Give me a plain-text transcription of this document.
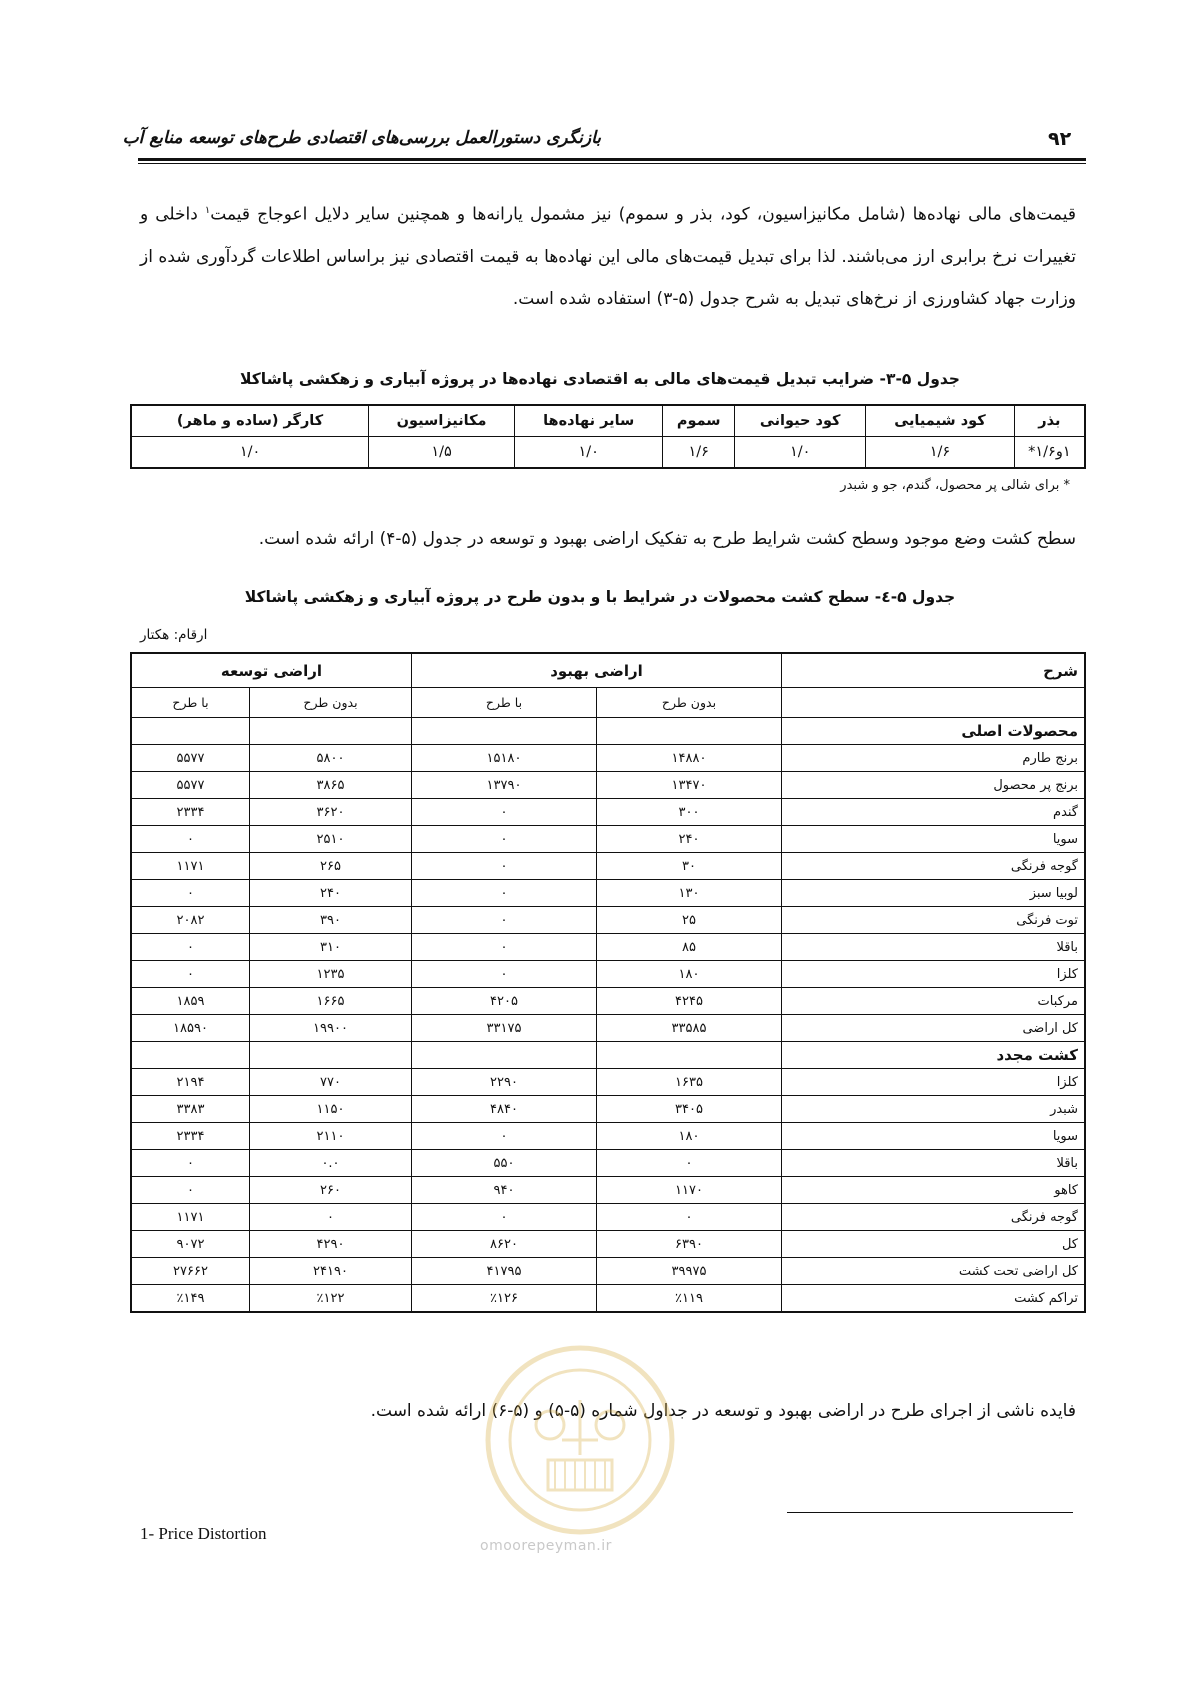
۹۲
بازنگری دستورالعمل بررسی‌های اقتصادی طرح‌های توسعه منابع آب
قیمت‌های مالی نهاده‌ها (شامل مکانیزاسیون، کود، بذر و سموم) نیز مشمول یارانه‌ها و همچنین سایر دلایل اعوجاج قیمت$^۱$ داخلی و تغییرات نرخ برابری ارز می‌باشند. لذا برای تبدیل قیمت‌های مالی این نهاده‌ها به قیمت اقتصادی نیز براساس اطلاعات گردآوری شده از وزارت جهاد کشاورزی از نرخ‌های تبدیل به شرح جدول (۵-۳) استفاده شده است.
جدول ۵-۳- ضرایب تبدیل قیمت‌های مالی به اقتصادی نهاده‌ها در پروژه آبیاری و زهکشی پاشاکلا
بذر	کود شیمیایی	کود حیوانی	سموم	سایر نهاده‌ها	مکانیزاسیون	کارگر (ساده و ماهر)
۱و۱/۶*	۱/۶	۱/۰	۱/۶	۱/۰	۱/۵	۱/۰
* برای شالی پر محصول، گندم، جو و شبدر
سطح کشت وضع موجود وسطح کشت شرایط طرح به تفکیک اراضی بهبود و توسعه در جدول (۵-۴) ارائه شده است.
جدول ۵-٤- سطح کشت محصولات در شرایط با و بدون طرح در پروژه آبیاری و زهکشی پاشاکلا
ارقام: هکتار
شرح	اراضی بهبود		اراضی توسعه	
	بدون طرح	با طرح	بدون طرح	با طرح
محصولات اصلی				
برنج طارم	۱۴۸۸۰	۱۵۱۸۰	۵۸۰۰	۵۵۷۷
برنج پر محصول	۱۳۴۷۰	۱۳۷۹۰	۳۸۶۵	۵۵۷۷
گندم	۳۰۰	۰	۳۶۲۰	۲۳۳۴
سویا	۲۴۰	۰	۲۵۱۰	۰
گوجه فرنگی	۳۰	۰	۲۶۵	۱۱۷۱
لوبیا سبز	۱۳۰	۰	۲۴۰	۰
توت فرنگی	۲۵	۰	۳۹۰	۲۰۸۲
باقلا	۸۵	۰	۳۱۰	۰
کلزا	۱۸۰	۰	۱۲۳۵	۰
مرکبات	۴۲۴۵	۴۲۰۵	۱۶۶۵	۱۸۵۹
کل اراضی	۳۳۵۸۵	۳۳۱۷۵	۱۹۹۰۰	۱۸۵۹۰
کشت مجدد				
کلزا	۱۶۳۵	۲۲۹۰	۷۷۰	۲۱۹۴
شبدر	۳۴۰۵	۴۸۴۰	۱۱۵۰	۳۳۸۳
سویا	۱۸۰	۰	۲۱۱۰	۲۳۳۴
باقلا	۰	۵۵۰	۰.۰	۰
کاهو	۱۱۷۰	۹۴۰	۲۶۰	۰
گوجه فرنگی	۰	۰	۰	۱۱۷۱
کل	۶۳۹۰	۸۶۲۰	۴۲۹۰	۹۰۷۲
کل اراضی تحت کشت	۳۹۹۷۵	۴۱۷۹۵	۲۴۱۹۰	۲۷۶۶۲
تراکم کشت	٪۱۱۹	٪۱۲۶	٪۱۲۲	٪۱۴۹
فایده ناشی از اجرای طرح در اراضی بهبود و توسعه در جداول شماره (۵-۵) و (۵-۶) ارائه شده است.
omoorepeyman.ir
1- Price Distortion
